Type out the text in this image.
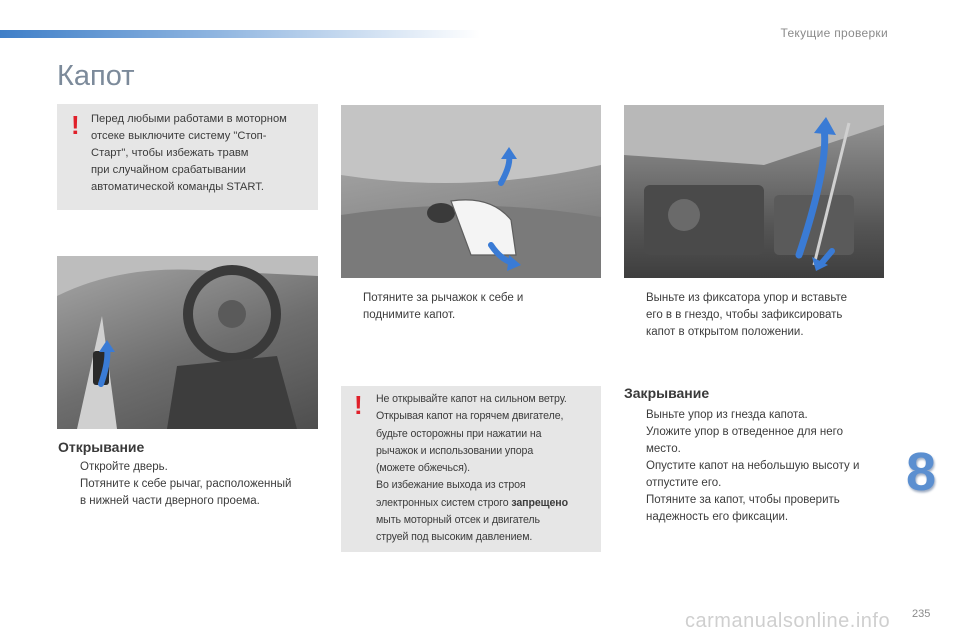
Текущие проверки
Капот
! Перед любыми работами в моторном
отсеке выключите систему "Стоп-
Старт", чтобы избежать травм
при случайном срабатывании
автоматической команды START.
Открывание
Откройте дверь.
Потяните к себе рычаг, расположенный
в нижней части дверного проема.
Потяните за рычажок к себе и
поднимите капот.
Выньте из фиксатора упор и вставьте
его в в гнездо, чтобы зафиксировать
капот в открытом положении.
! Не открывайте капот на сильном ветру.
Открывая капот на горячем двигателе,
будьте осторожны при нажатии на
рычажок и использовании упора
(можете обжечься).
Во избежание выхода из строя
электронных систем строго запрещено
мыть моторный отсек и двигатель
струей под высоким давлением.
Закрывание
Выньте упор из гнезда капота.
Уложите упор в отведенное для него
место.
Опустите капот на небольшую высоту и
отпустите его.
Потяните за капот, чтобы проверить
надежность его фиксации.
8
235
carmanualsonline.info
